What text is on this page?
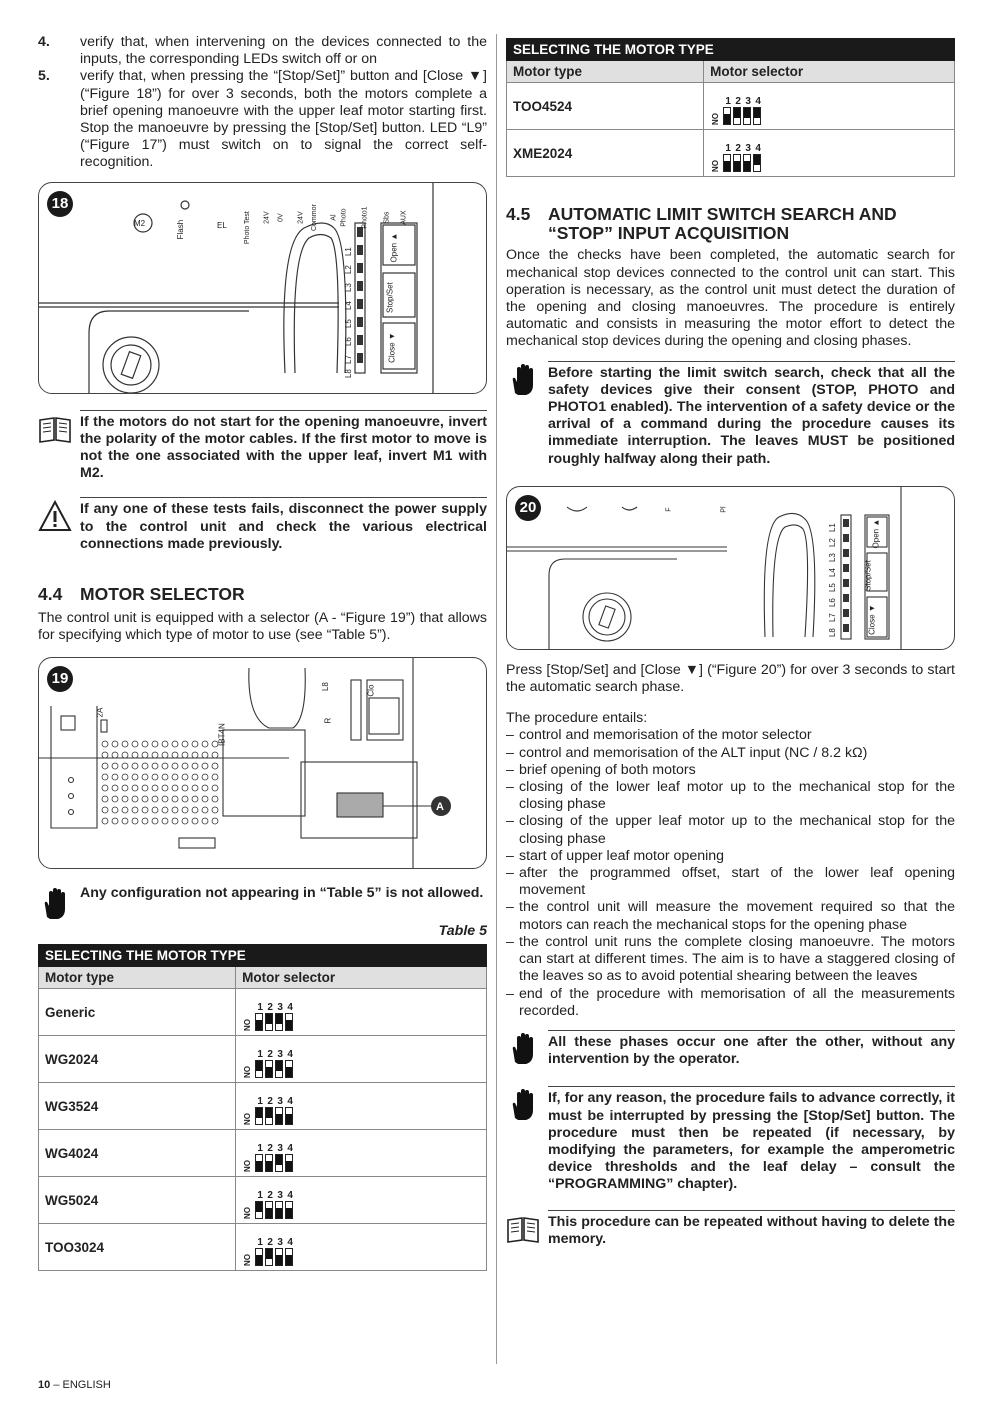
4.	verify that, when intervening on the devices connected to the inputs, the corresponding LEDs switch off or on
5.	verify that, when pressing the “[Stop/Set]” button and [Close ▼] (“Figure 18”) for over 3 seconds, both the motors complete a brief opening manoeuvre with the upper leaf motor starting first. Stop the manoeuvre by pressing the [Stop/Set] button. LED “L9” (“Figure 17”) must switch on to signal the correct self-recognition.
18
M2	Flash	EL	Photo Test	24V	0V	24V Commor	Al Photo	Photo1	Sbs	AUX
L1
L2
L3
L4
L5
L6
L7
L8
Open ▲
Stop/Set
Close ▼

If the motors do not start for the opening manoeuvre, invert the polarity of the motor cables. If the first motor to move is not the one associated with the upper leaf, invert M1 with M2.

If any one of these tests fails, disconnect the power supply to the control unit and check the various electrical connections made previously.

4.4	MOTOR SELECTOR

The control unit is equipped with a selector (A - “Figure 19”) that allows for specifying which type of motor to use (see “Table 5”).

19
2A
IBT4N
L8
R
Clo
A

Any configuration not appearing in “Table 5” is not allowed.

Table 5
SELECTING THE MOTOR TYPE	
Motor type	Motor selector
Generic	ON
1 2 3 4

WG2024	ON
1 2 3 4

WG3524	ON
1 2 3 4

WG4024	ON
1 2 3 4

WG5024	ON
1 2 3 4

TOO3024	ON
1 2 3 4
SELECTING THE MOTOR TYPE	
Motor type	Motor selector
TOO4524	ON
1 2 3 4

XME2024	ON
1 2 3 4
4.5	AUTOMATIC LIMIT SWITCH SEARCH AND “STOP” INPUT ACQUISITION

Once the checks have been completed, the automatic search for mechanical stop devices connected to the control unit can start. This operation is necessary, as the control unit must detect the duration of the opening and closing manoeuvres. The procedure is entirely automatic and consists in measuring the motor effort to detect the mechanical stop devices during the opening and closing phases.

Before starting the limit switch search, check that all the safety devices give their consent (STOP, PHOTO and PHOTO1 enabled). The intervention of a safety device or the arrival of a command during the procedure causes its immediate interruption. The leaves MUST be positioned roughly halfway along their path.

20	F	Pl
L1
L2
L3
L4
L5
L6
L7
L8
Open ▲
Stop/Set
Close ▼

Press [Stop/Set] and [Close ▼] (“Figure 20”) for over 3 seconds to start the automatic search phase.

The procedure entails:

– control and memorisation of the motor selector
– control and memorisation of the ALT input (NC / 8.2 kΩ)
– brief opening of both motors
– closing of the lower leaf motor up to the mechanical stop for the closing phase
– closing of the upper leaf motor up to the mechanical stop for the closing phase
– start of upper leaf motor opening
– after the programmed offset, start of the lower leaf opening movement
– the control unit will measure the movement required so that the motors can reach the mechanical stops for the opening phase
– the control unit runs the complete closing manoeuvre. The motors can start at different times. The aim is to have a staggered closing of the leaves so as to avoid potential shearing between the leaves
– end of the procedure with memorisation of all the measurements recorded.

All these phases occur one after the other, without any intervention by the operator.

If, for any reason, the procedure fails to advance correctly, it must be interrupted by pressing the [Stop/Set] button. The procedure must then be repeated (if necessary, by modifying the parameters, for example the amperometric device thresholds and the leaf delay – consult the “PROGRAMMING” chapter).

This procedure can be repeated without having to delete the memory.

10 – ENGLISH
